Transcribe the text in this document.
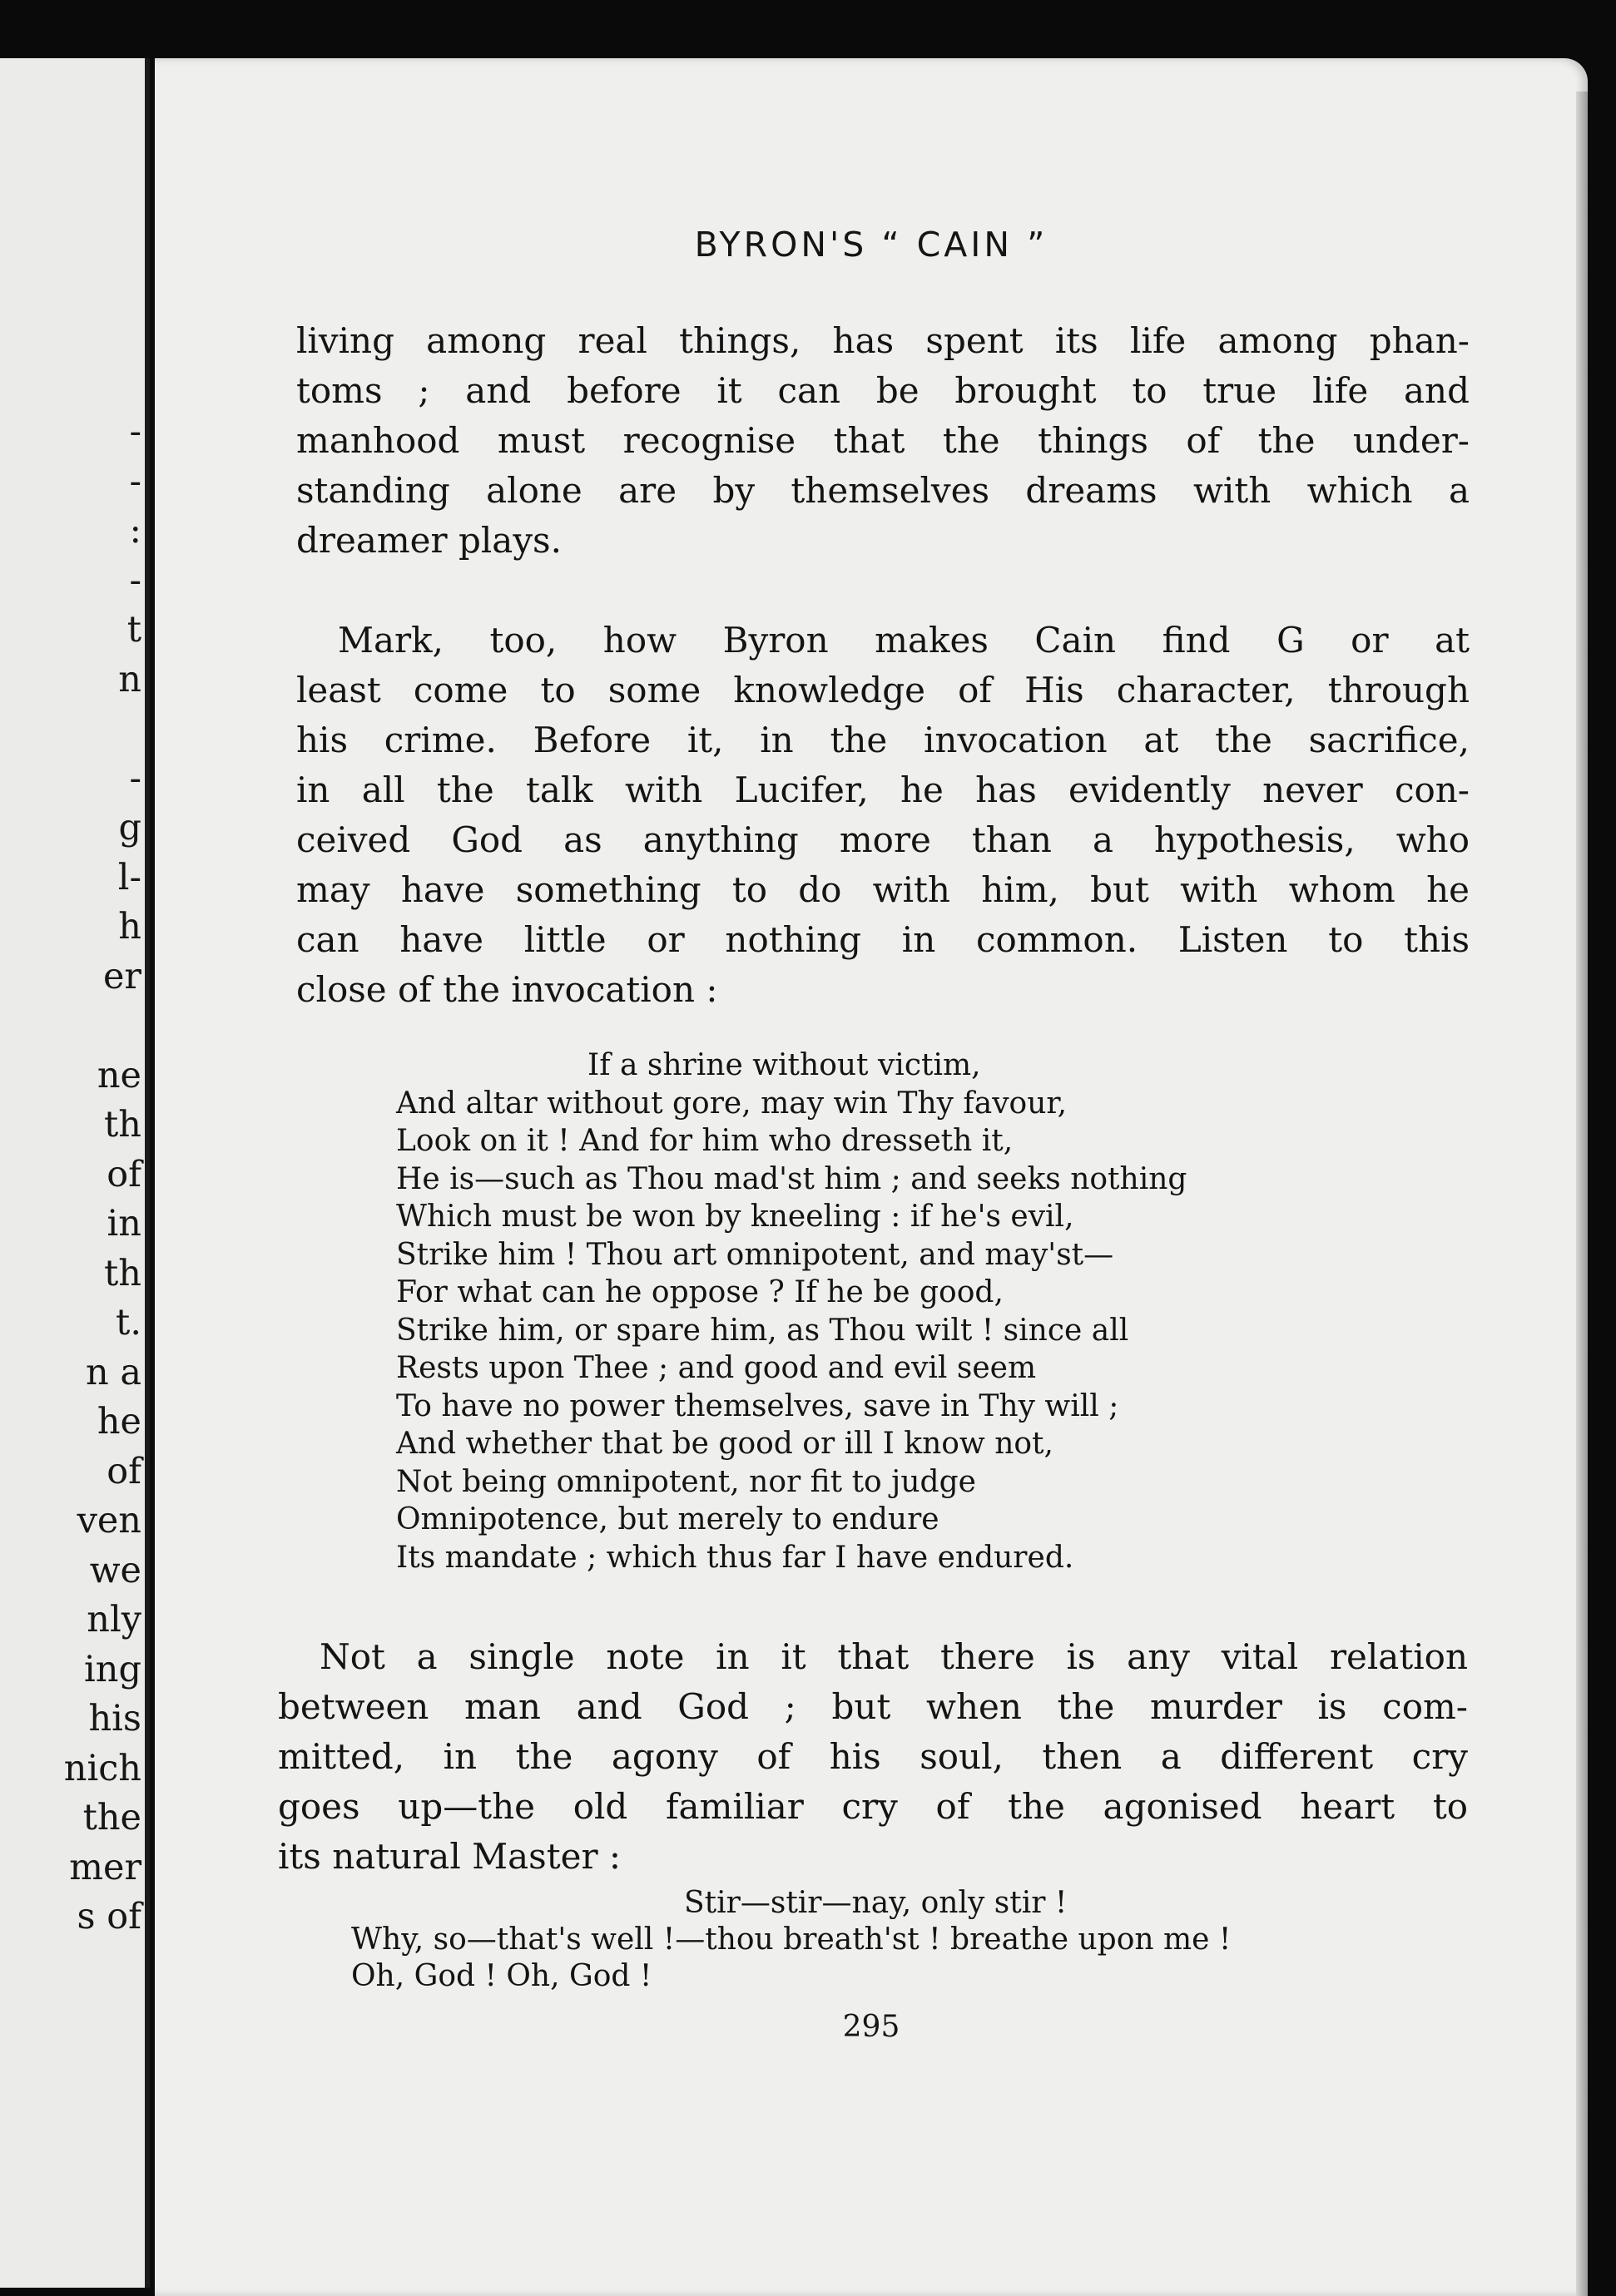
-
-
:
-
t
n
-
g
l-
h
er
ne
th
of
in
th
t.
n a
he
of
ven
we
nly
ing
his
nich
the
mer
s of
BYRON'S “ CAIN ”
living among real things, has spent its life among phan-
toms ; and before it can be brought to true life and
manhood must recognise that the things of the under-
standing alone are by themselves dreams with which a
dreamer plays.
Mark, too, how Byron makes Cain find G or at
least come to some knowledge of His character, through
his crime. Before it, in the invocation at the sacrifice,
in all the talk with Lucifer, he has evidently never con-
ceived God as anything more than a hypothesis, who
may have something to do with him, but with whom he
can have little or nothing in common. Listen to this
close of the invocation :
If a shrine without victim,
And altar without gore, may win Thy favour,
Look on it ! And for him who dresseth it,
He is—such as Thou mad'st him ; and seeks nothing
Which must be won by kneeling : if he's evil,
Strike him ! Thou art omnipotent, and may'st—
For what can he oppose ? If he be good,
Strike him, or spare him, as Thou wilt ! since all
Rests upon Thee ; and good and evil seem
To have no power themselves, save in Thy will ;
And whether that be good or ill I know not,
Not being omnipotent, nor fit to judge
Omnipotence, but merely to endure
Its mandate ; which thus far I have endured.
Not a single note in it that there is any vital relation
between man and God ; but when the murder is com-
mitted, in the agony of his soul, then a different cry
goes up—the old familiar cry of the agonised heart to
its natural Master :
Stir—stir—nay, only stir !
Why, so—that's well !—thou breath'st ! breathe upon me !
Oh, God ! Oh, God !

295
